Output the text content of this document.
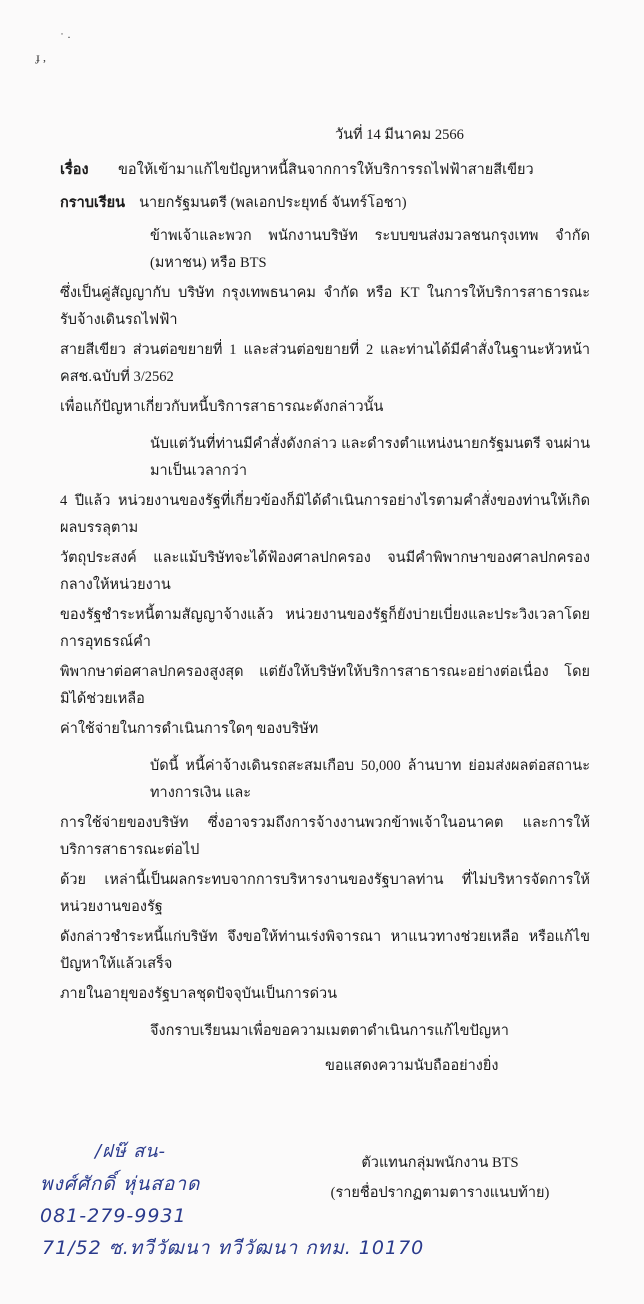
˙ ·
ɟ ,
วันที่ 14 มีนาคม 2566
เรื่อง	ขอให้เข้ามาแก้ไขปัญหาหนี้สินจากการให้บริการรถไฟฟ้าสายสีเขียว
กราบเรียน นายกรัฐมนตรี (พลเอกประยุทธ์ จันทร์โอชา)
ข้าพเจ้าและพวก พนักงานบริษัท ระบบขนส่งมวลชนกรุงเทพ จำกัด (มหาชน) หรือ BTS
ซึ่งเป็นคู่สัญญากับ บริษัท กรุงเทพธนาคม จำกัด หรือ KT ในการให้บริการสาธารณะ รับจ้างเดินรถไฟฟ้า
สายสีเขียว ส่วนต่อขยายที่ 1 และส่วนต่อขยายที่ 2 และท่านได้มีคำสั่งในฐานะหัวหน้า คสช.ฉบับที่ 3/2562
เพื่อแก้ปัญหาเกี่ยวกับหนี้บริการสาธารณะดังกล่าวนั้น
นับแต่วันที่ท่านมีคำสั่งดังกล่าว และดำรงตำแหน่งนายกรัฐมนตรี จนผ่านมาเป็นเวลากว่า
4 ปีแล้ว หน่วยงานของรัฐที่เกี่ยวข้องก็มิได้ดำเนินการอย่างไรตามคำสั่งของท่านให้เกิดผลบรรลุตาม
วัตถุประสงค์ และแม้บริษัทจะได้ฟ้องศาลปกครอง จนมีคำพิพากษาของศาลปกครองกลางให้หน่วยงาน
ของรัฐชำระหนี้ตามสัญญาจ้างแล้ว หน่วยงานของรัฐก็ยังบ่ายเบี่ยงและประวิงเวลาโดยการอุทธรณ์คำ
พิพากษาต่อศาลปกครองสูงสุด แต่ยังให้บริษัทให้บริการสาธารณะอย่างต่อเนื่อง โดยมิได้ช่วยเหลือ
ค่าใช้จ่ายในการดำเนินการใดๆ ของบริษัท
บัดนี้ หนี้ค่าจ้างเดินรถสะสมเกือบ 50,000 ล้านบาท ย่อมส่งผลต่อสถานะทางการเงิน และ
การใช้จ่ายของบริษัท ซึ่งอาจรวมถึงการจ้างงานพวกข้าพเจ้าในอนาคต และการให้บริการสาธารณะต่อไป
ด้วย เหล่านี้เป็นผลกระทบจากการบริหารงานของรัฐบาลท่าน ที่ไม่บริหารจัดการให้หน่วยงานของรัฐ
ดังกล่าวชำระหนี้แก่บริษัท จึงขอให้ท่านเร่งพิจารณา หาแนวทางช่วยเหลือ หรือแก้ไขปัญหาให้แล้วเสร็จ
ภายในอายุของรัฐบาลชุดปัจจุบันเป็นการด่วน
จึงกราบเรียนมาเพื่อขอความเมตตาดำเนินการแก้ไขปัญหา
ขอแสดงความนับถืออย่างยิ่ง
/ฝษ๊ สน-
พงศ์ศักดิ์ หุ่นสอาด
081-279-9931
ตัวแทนกลุ่มพนักงาน BTS
(รายชื่อปรากฏตามตารางแนบท้าย)
71/52 ซ.ทวีวัฒนา ทวีวัฒนา กทม. 10170
